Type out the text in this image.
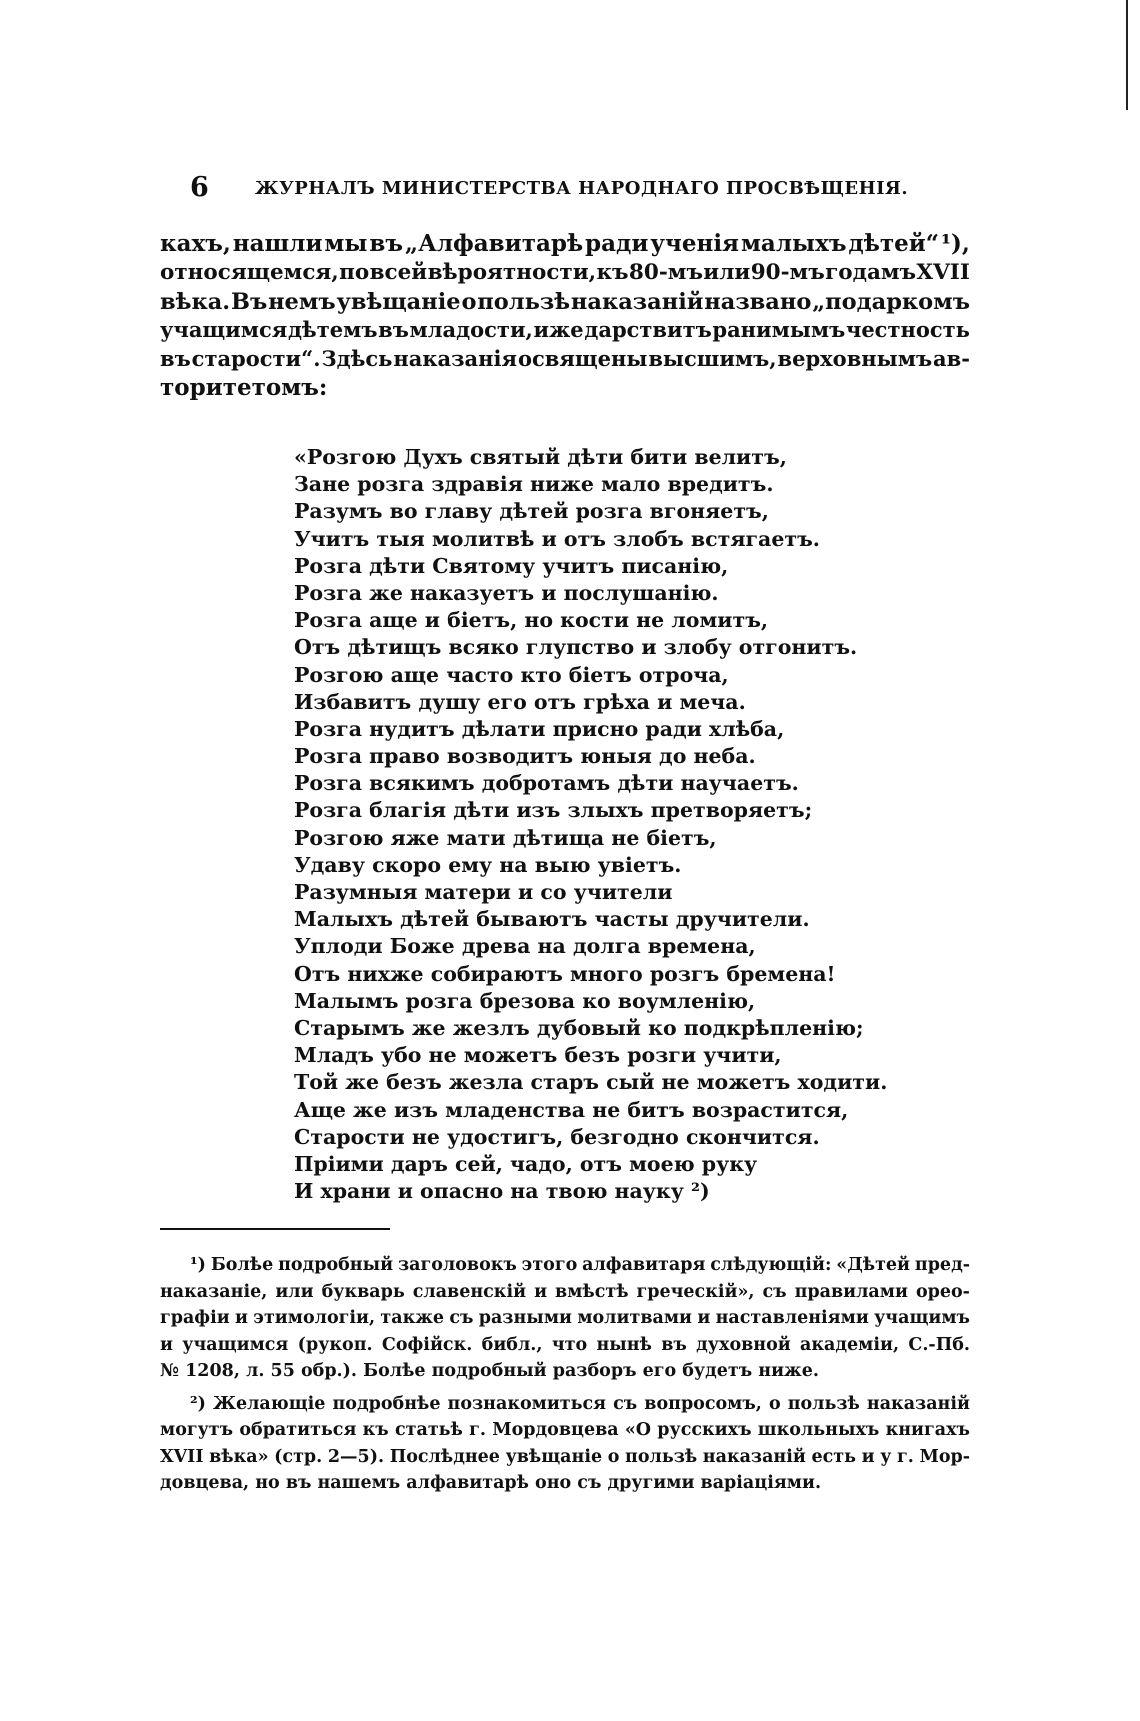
6	ЖУРНАЛЪ МИНИСТЕРСТВА НАРОДНАГО ПРОСВѢЩЕНІЯ.
кахъ, нашли мы въ „Алфавитарѣ ради ученія малыхъ дѣтей“ ¹),
относящемся, по всей вѣроятности, къ 80-мъ или 90-мъ годамъ XVII
вѣка. Въ немъ увѣщаніе о пользѣ наказаній названо „подаркомъ
учащимся дѣтемъ въ младости, иже дарствитъ ранимымъ честность
въ старости“. Здѣсь наказанія освящены высшимъ, верховнымъ ав-
торитетомъ:
«Розгою Духъ святый дѣти бити велитъ,
Зане розга здравія ниже мало вредитъ.
Разумъ во главу дѣтей розга вгоняетъ,
Учитъ тыя молитвѣ и отъ злобъ встягаетъ.
Розга дѣти Святому учитъ писанію,
Розга же наказуетъ и послушанію.
Розга аще и біетъ, но кости не ломитъ,
Отъ дѣтищъ всяко глупство и злобу отгонитъ.
Розгою аще часто кто біетъ отроча,
Избавитъ душу его отъ грѣха и меча.
Розга нудитъ дѣлати присно ради хлѣба,
Розга право возводитъ юныя до неба.
Розга всякимъ добротамъ дѣти научаетъ.
Розга благія дѣти изъ злыхъ претворяетъ;
Розгою яже мати дѣтища не біетъ,
Удаву скоро ему на выю увіетъ.
Разумныя матери и со учители
Малыхъ дѣтей бываютъ часты дручители.
Уплоди Боже древа на долга времена,
Отъ нихже собираютъ много розгъ бремена!
Малымъ розга брезова ко воумленію,
Старымъ же жезлъ дубовый ко подкрѣпленію;
Младъ убо не можетъ безъ розги учити,
Той же безъ жезла старъ сый не можетъ ходити.
Аще же изъ младенства не битъ возрастится,
Старости не удостигъ, безгодно скончится.
Пріими даръ сей, чадо, отъ моею руку
И храни и опасно на твою науку ²)
¹) Болѣе подробный заголовокъ этого алфавитаря слѣдующій: «Дѣтей пред-
наказаніе, или букварь славенскій и вмѣстѣ греческій», съ правилами орео-
графіи и этимологіи, также съ разными молитвами и наставленіями учащимъ
и учащимся (рукоп. Софійск. библ., что нынѣ въ духовной академіи, С.-Пб.
№ 1208, л. 55 обр.). Болѣе подробный разборъ его будетъ ниже.
²) Желающіе подробнѣе познакомиться съ вопросомъ, о пользѣ наказаній
могутъ обратиться къ статьѣ г. Мордовцева «О русскихъ школьныхъ книгахъ
XVII вѣка» (стр. 2—5). Послѣднее увѣщаніе о пользѣ наказаній есть и у г. Мор-
довцева, но въ нашемъ алфавитарѣ оно съ другими варіаціями.
